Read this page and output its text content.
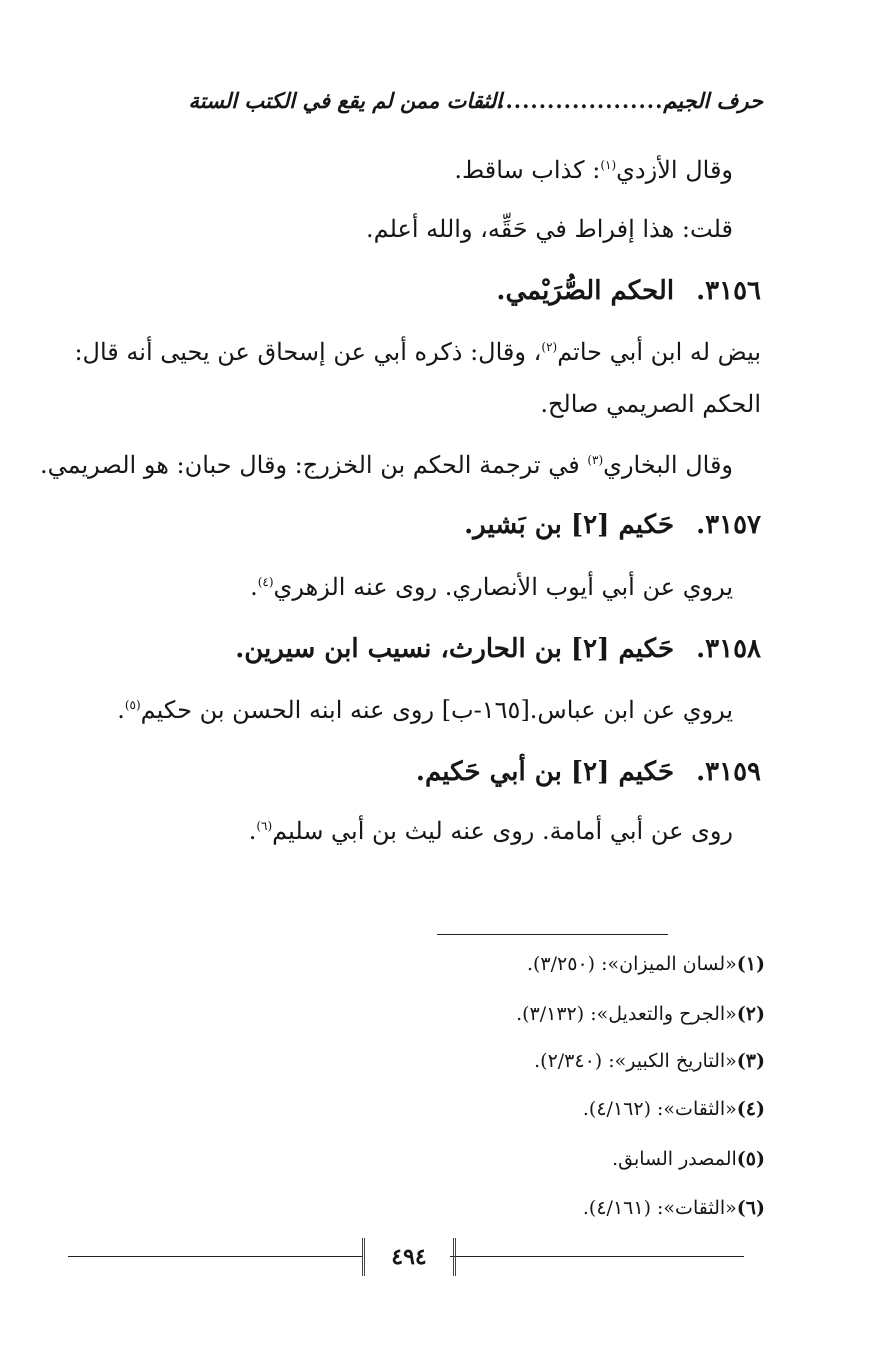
حرف الجيم
........................
الثقات ممن لم يقع في الكتب الستة
وقال الأزدي$^{(١)}$: كذاب ساقط.
قلت: هذا إفراط في حَقِّه، والله أعلم.
٣١٥٦.الحكم الصُّرَيْمي.
بيض له ابن أبي حاتم$^{(٢)}$، وقال: ذكره أبي عن إسحاق عن يحيى أنه قال:
الحكم الصريمي صالح.
وقال البخاري$^{(٣)}$ في ترجمة الحكم بن الخزرج: وقال حبان: هو الصريمي.
٣١٥٧.حَكيم [٢] بن بَشير.
يروي عن أبي أيوب الأنصاري. روى عنه الزهري$^{(٤)}$.
٣١٥٨.حَكيم [٢] بن الحارث، نسيب ابن سيرين.
يروي عن ابن عباس.[١٦٥-ب] روى عنه ابنه الحسن بن حكيم$^{(٥)}$.
٣١٥٩.حَكيم [٢] بن أبي حَكيم.
روى عن أبي أمامة. روى عنه ليث بن أبي سليم$^{(٦)}$.
(١)«لسان الميزان»: (٣/٢٥٠).
(٢)«الجرح والتعديل»: (٣/١٣٢).
(٣)«التاريخ الكبير»: (٢/٣٤٠).
(٤)«الثقات»: (٤/١٦٢).
(٥)المصدر السابق.
(٦)«الثقات»: (٤/١٦١).
٤٩٤
